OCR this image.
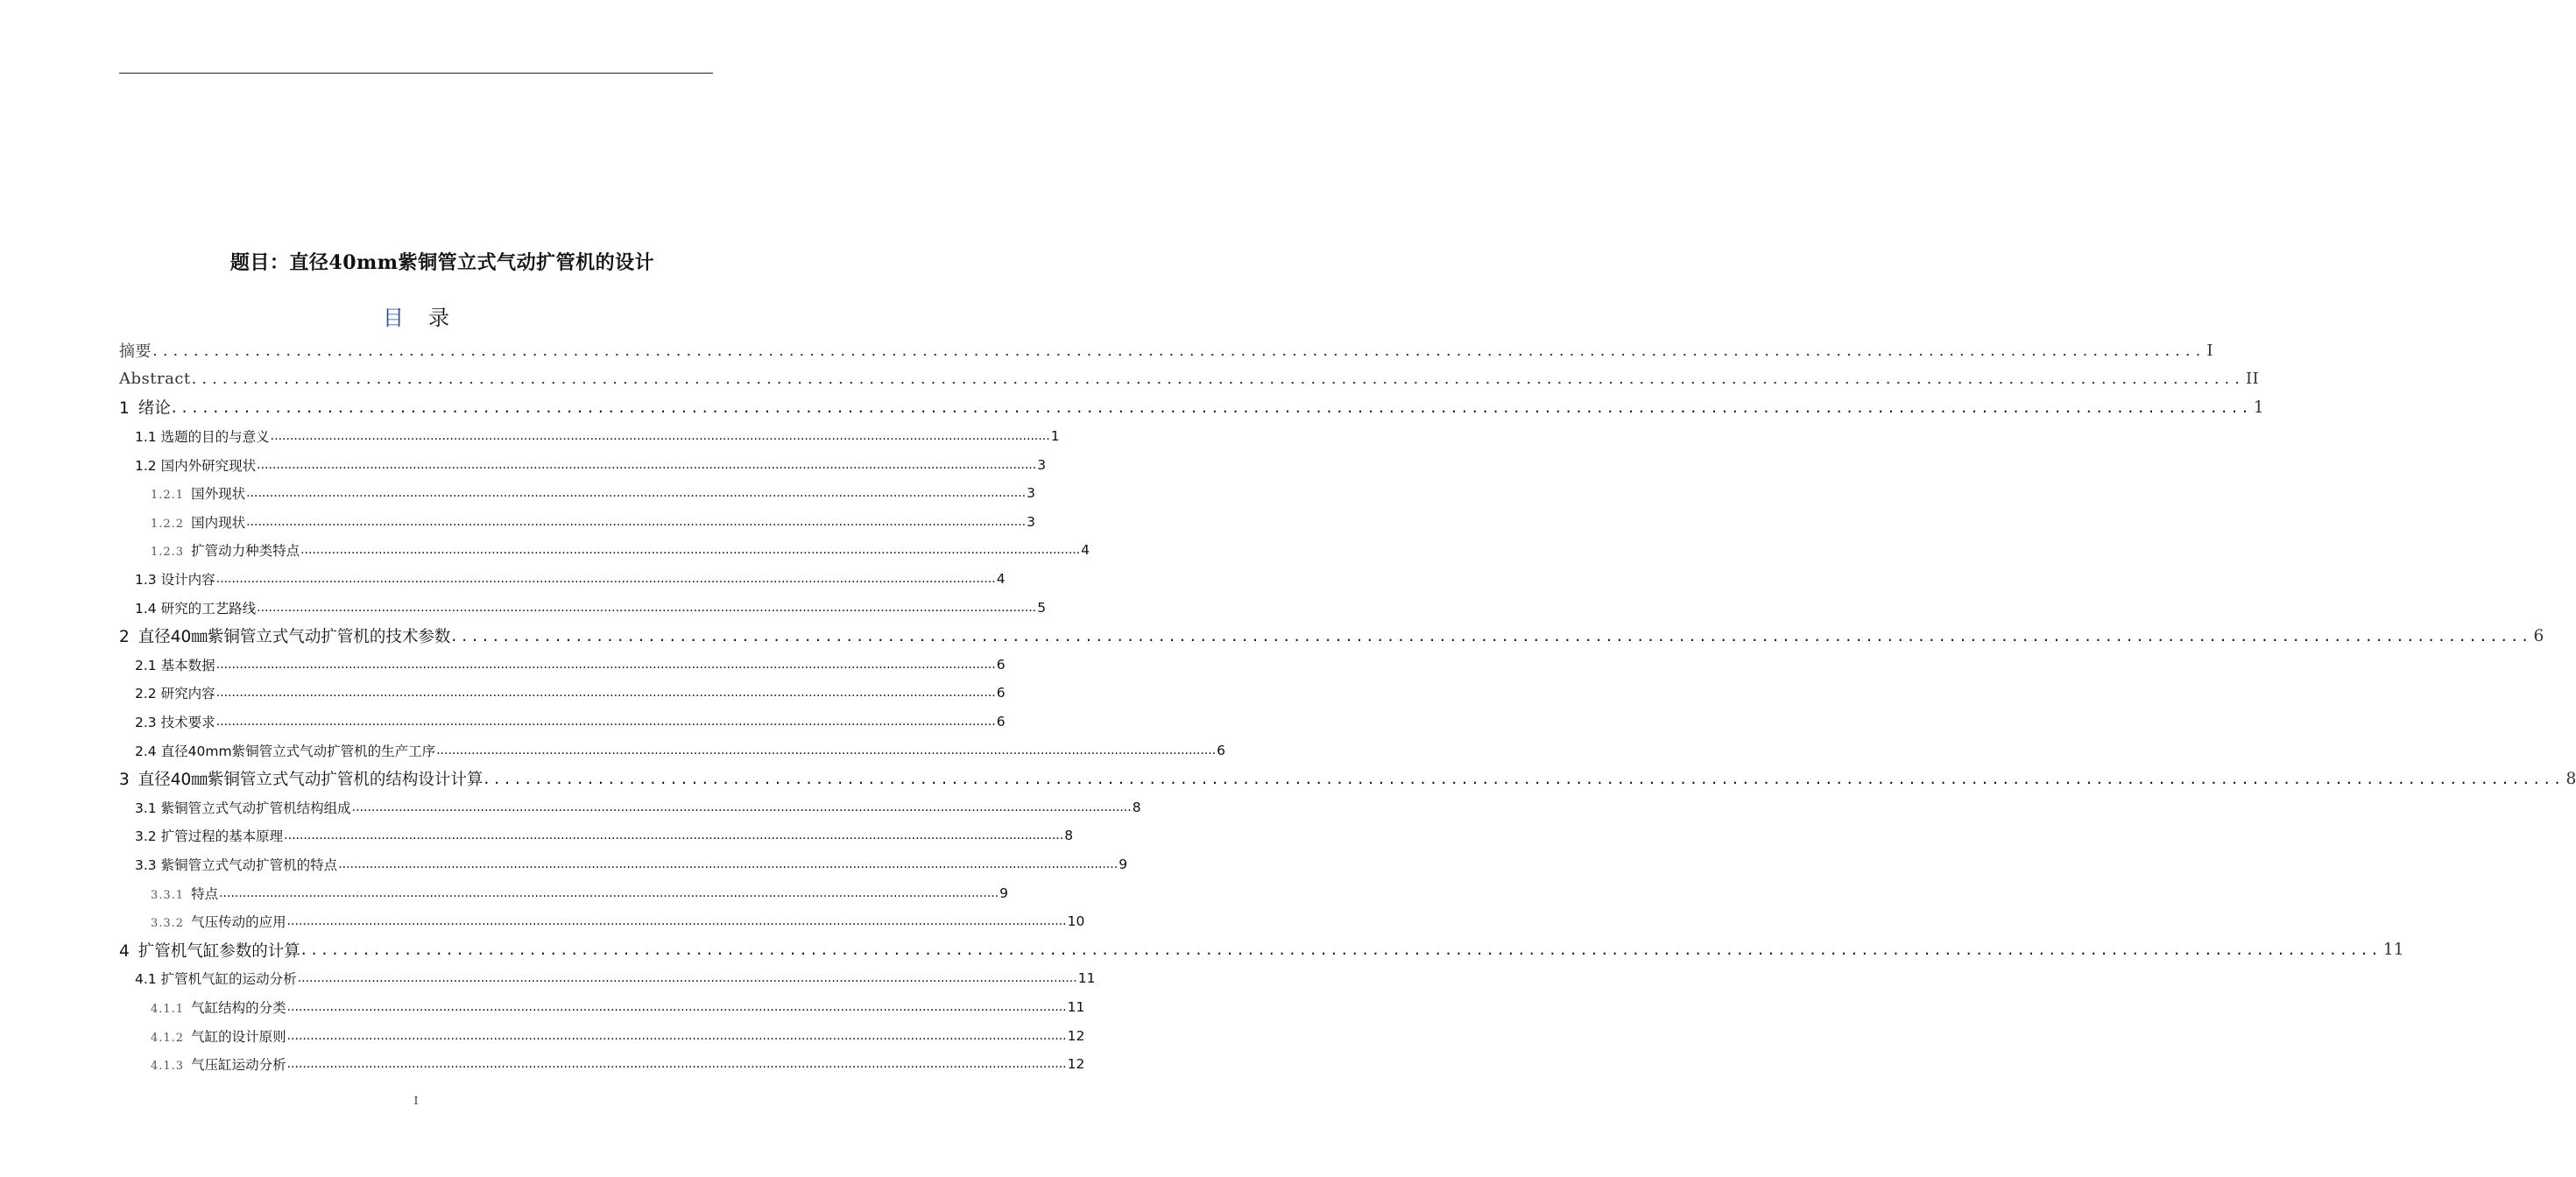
题目：直径40mm紫铜管立式气动扩管机的设计
目 录
摘要 ........................................................................................................................................................................................................ I
Abstract ........................................................................................................................................................................................................ II
1 绪论 ........................................................................................................................................................................................................ 1
1.1 选题的目的与意义 ........................................................................................................................................................................................................ 1
1.2 国内外研究现状 ........................................................................................................................................................................................................ 3
1.2.1 国外现状 ........................................................................................................................................................................................................ 3
1.2.2 国内现状 ........................................................................................................................................................................................................ 3
1.2.3 扩管动力种类特点 ........................................................................................................................................................................................................ 4
1.3 设计内容 ........................................................................................................................................................................................................ 4
1.4 研究的工艺路线 ........................................................................................................................................................................................................ 5
2 直径40㎜紫铜管立式气动扩管机的技术参数 ........................................................................................................................................................................................................ 6
2.1 基本数据 ........................................................................................................................................................................................................ 6
2.2 研究内容 ........................................................................................................................................................................................................ 6
2.3 技术要求 ........................................................................................................................................................................................................ 6
2.4 直径40mm紫铜管立式气动扩管机的生产工序 ........................................................................................................................................................................................................ 6
3 直径40㎜紫铜管立式气动扩管机的结构设计计算 ........................................................................................................................................................................................................ 8
3.1 紫铜管立式气动扩管机结构组成 ........................................................................................................................................................................................................ 8
3.2 扩管过程的基本原理 ........................................................................................................................................................................................................ 8
3.3 紫铜管立式气动扩管机的特点 ........................................................................................................................................................................................................ 9
3.3.1 特点 ........................................................................................................................................................................................................ 9
3.3.2 气压传动的应用 ........................................................................................................................................................................................................ 10
4 扩管机气缸参数的计算 ........................................................................................................................................................................................................ 11
4.1 扩管机气缸的运动分析 ........................................................................................................................................................................................................ 11
4.1.1 气缸结构的分类 ........................................................................................................................................................................................................ 11
4.1.2 气缸的设计原则 ........................................................................................................................................................................................................ 12
4.1.3 气压缸运动分析 ........................................................................................................................................................................................................ 12
I
